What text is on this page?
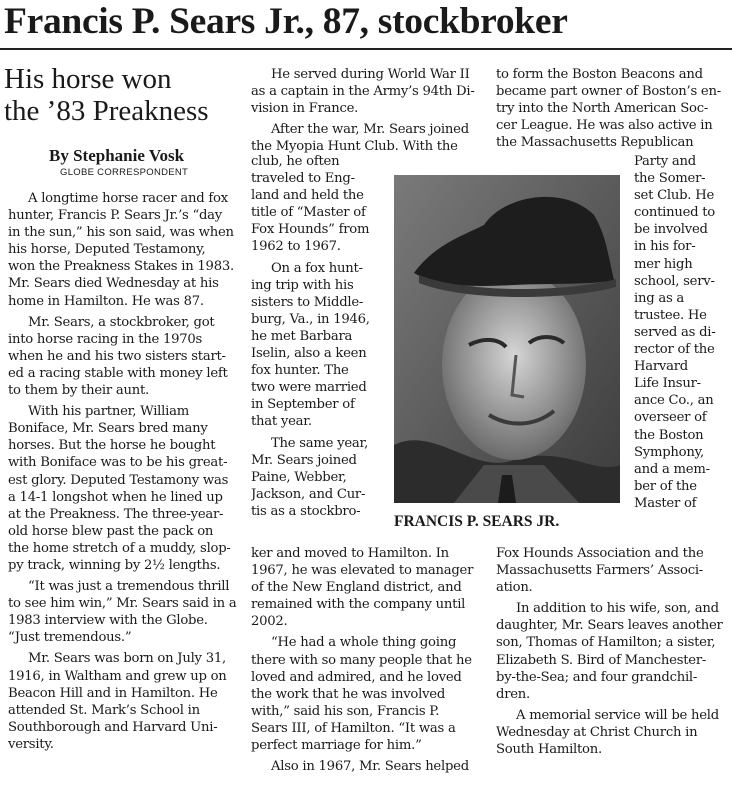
Francis P. Sears Jr., 87, stockbroker
His horse won
the ’83 Preakness
By Stephanie Vosk
GLOBE CORRESPONDENT
A longtime horse racer and fox
hunter, Francis P. Sears Jr.’s “day
in the sun,” his son said, was when
his horse, Deputed Testamony,
won the Preakness Stakes in 1983.
Mr. Sears died Wednesday at his
home in Hamilton. He was 87.
Mr. Sears, a stockbroker, got
into horse racing in the 1970s
when he and his two sisters start-
ed a racing stable with money left
to them by their aunt.
With his partner, William
Boniface, Mr. Sears bred many
horses. But the horse he bought
with Boniface was to be his great-
est glory. Deputed Testamony was
a 14-1 longshot when he lined up
at the Preakness. The three-year-
old horse blew past the pack on
the home stretch of a muddy, slop-
py track, winning by 2½ lengths.
“It was just a tremendous thrill
to see him win,” Mr. Sears said in a
1983 interview with the Globe.
“Just tremendous.”
Mr. Sears was born on July 31,
1916, in Waltham and grew up on
Beacon Hill and in Hamilton. He
attended St. Mark’s School in
Southborough and Harvard Uni-
versity.
He served during World War II
as a captain in the Army’s 94th Di-
vision in France.
After the war, Mr. Sears joined
the Myopia Hunt Club. With the
club, he often
traveled to Eng-
land and held the
title of “Master of
Fox Hounds” from
1962 to 1967.
On a fox hunt-
ing trip with his
sisters to Middle-
burg, Va., in 1946,
he met Barbara
Iselin, also a keen
fox hunter. The
two were married
in September of
that year.
The same year,
Mr. Sears joined
Paine, Webber,
Jackson, and Cur-
tis as a stockbro-
ker and moved to Hamilton. In
1967, he was elevated to manager
of the New England district, and
remained with the company until
2002.
“He had a whole thing going
there with so many people that he
loved and admired, and he loved
the work that he was involved
with,” said his son, Francis P.
Sears III, of Hamilton. “It was a
perfect marriage for him.”
Also in 1967, Mr. Sears helped
to form the Boston Beacons and
became part owner of Boston’s en-
try into the North American Soc-
cer League. He was also active in
the Massachusetts Republican
Party and
the Somer-
set Club. He
continued to
be involved
in his for-
mer high
school, serv-
ing as a
trustee. He
served as di-
rector of the
Harvard
Life Insur-
ance Co., an
overseer of
the Boston
Symphony,
and a mem-
ber of the
Master of
Fox Hounds Association and the
Massachusetts Farmers’ Associ-
ation.
In addition to his wife, son, and
daughter, Mr. Sears leaves another
son, Thomas of Hamilton; a sister,
Elizabeth S. Bird of Manchester-
by-the-Sea; and four grandchil-
dren.
A memorial service will be held
Wednesday at Christ Church in
South Hamilton.
FRANCIS P. SEARS JR.
